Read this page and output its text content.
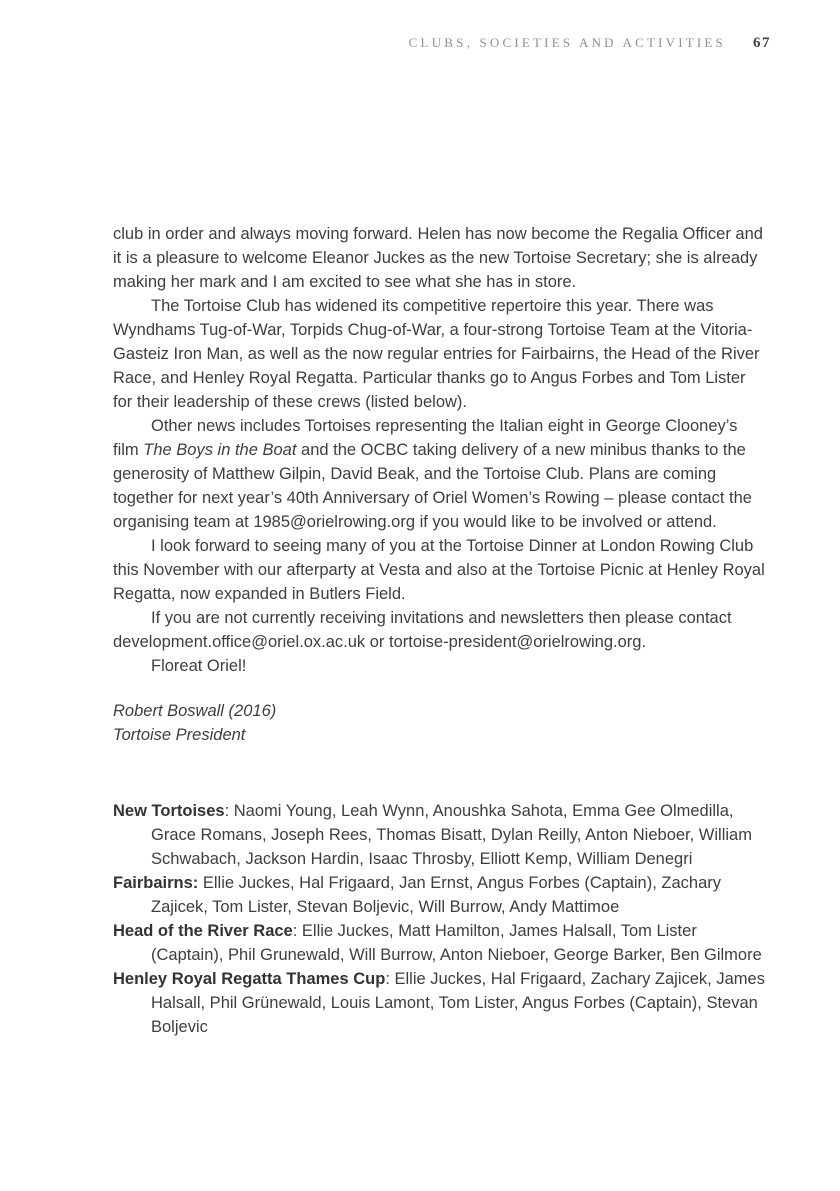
CLUBS, SOCIETIES AND ACTIVITIES 67

club in order and always moving forward. Helen has now become the Regalia Officer and it is a pleasure to welcome Eleanor Juckes as the new Tortoise Secretary; she is already making her mark and I am excited to see what she has in store.

The Tortoise Club has widened its competitive repertoire this year. There was Wyndhams Tug-of-War, Torpids Chug-of-War, a four-strong Tortoise Team at the Vitoria-Gasteiz Iron Man, as well as the now regular entries for Fairbairns, the Head of the River Race, and Henley Royal Regatta. Particular thanks go to Angus Forbes and Tom Lister for their leadership of these crews (listed below).

Other news includes Tortoises representing the Italian eight in George Clooney’s film The Boys in the Boat and the OCBC taking delivery of a new minibus thanks to the generosity of Matthew Gilpin, David Beak, and the Tortoise Club. Plans are coming together for next year’s 40th Anniversary of Oriel Women’s Rowing – please contact the organising team at 1985@orielrowing.org if you would like to be involved or attend.

I look forward to seeing many of you at the Tortoise Dinner at London Rowing Club this November with our afterparty at Vesta and also at the Tortoise Picnic at Henley Royal Regatta, now expanded in Butlers Field.

If you are not currently receiving invitations and newsletters then please contact development.office@oriel.ox.ac.uk or tortoise-president@orielrowing.org.

Floreat Oriel!

Robert Boswall (2016)
Tortoise President

New Tortoises: Naomi Young, Leah Wynn, Anoushka Sahota, Emma Gee Olmedilla, Grace Romans, Joseph Rees, Thomas Bisatt, Dylan Reilly, Anton Nieboer, William Schwabach, Jackson Hardin, Isaac Throsby, Elliott Kemp, William Denegri

Fairbairns: Ellie Juckes, Hal Frigaard, Jan Ernst, Angus Forbes (Captain), Zachary Zajicek, Tom Lister, Stevan Boljevic, Will Burrow, Andy Mattimoe

Head of the River Race: Ellie Juckes, Matt Hamilton, James Halsall, Tom Lister (Captain), Phil Grunewald, Will Burrow, Anton Nieboer, George Barker, Ben Gilmore

Henley Royal Regatta Thames Cup: Ellie Juckes, Hal Frigaard, Zachary Zajicek, James Halsall, Phil Grünewald, Louis Lamont, Tom Lister, Angus Forbes (Captain), Stevan Boljevic
